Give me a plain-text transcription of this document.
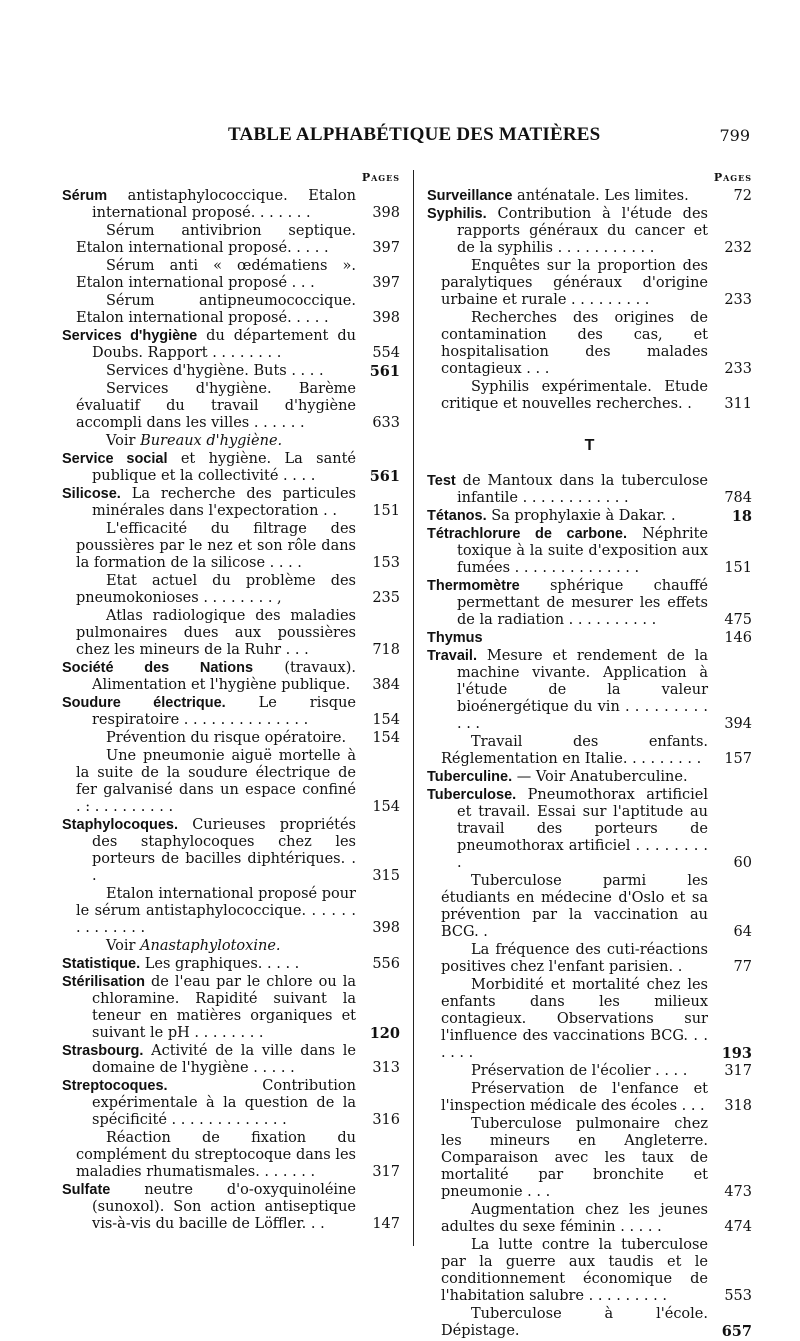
TABLE ALPHABÉTIQUE DES MATIÈRES	799
Pages
Sérum antistaphylococcique. Etalon international proposé. . . . . . .	398
Sérum antivibrion septique. Etalon international proposé. . . . .	397
Sérum anti « œdématiens ». Etalon international proposé . . .	397
Sérum antipneumococcique. Etalon international proposé. . . . .	398
Services d'hygiène du département du Doubs. Rapport . . . . . . . .	554
Services d'hygiène. Buts . . . .	561
Services d'hygiène. Barème évaluatif du travail d'hygiène accompli dans les villes . . . . . .	633
Voir Bureaux d'hygiène.
Service social et hygiène. La santé publique et la collectivité . . . .	561
Silicose. La recherche des particules minérales dans l'expectoration . .	151
L'efficacité du filtrage des poussières par le nez et son rôle dans la formation de la silicose . . . .	153
Etat actuel du problème des pneumokonioses . . . . . . . . ,	235
Atlas radiologique des maladies pulmonaires dues aux poussières chez les mineurs de la Ruhr . . .	718
Société des Nations (travaux). Alimentation et l'hygiène publique.	384
Soudure électrique. Le risque respiratoire . . . . . . . . . . . . . .	154
Prévention du risque opératoire.	154
Une pneumonie aiguë mortelle à la suite de la soudure électrique de fer galvanisé dans un espace confiné . : . . . . . . . . .	154
Staphylocoques. Curieuses propriétés des staphylocoques chez les porteurs de bacilles diphtériques. . .	315
Etalon international proposé pour le sérum antistaphylococcique. . . . . . . . . . . . . .	398
Voir Anastaphylotoxine.
Statistique. Les graphiques. . . . .	556
Stérilisation de l'eau par le chlore ou la chloramine. Rapidité suivant la teneur en matières organiques et suivant le pH . . . . . . . .	120
Strasbourg. Activité de la ville dans le domaine de l'hygiène . . . . .	313
Streptocoques. Contribution expérimentale à la question de la spécificité . . . . . . . . . . . . .	316
Réaction de fixation du complément du streptocoque dans les maladies rhumatismales. . . . . . .	317
Sulfate neutre d'o-oxyquinoléine (sunoxol). Son action antiseptique vis-à-vis du bacille de Löffler. . .	147
Pages
Surveillance anténatale. Les limites.	72
Syphilis. Contribution à l'étude des rapports généraux du cancer et de la syphilis . . . . . . . . . . .	232
Enquêtes sur la proportion des paralytiques généraux d'origine urbaine et rurale . . . . . . . . .	233
Recherches des origines de contamination des cas, et hospitalisation des malades contagieux . . .	233
Syphilis expérimentale. Etude critique et nouvelles recherches. .	311
T
Test de Mantoux dans la tuberculose infantile . . . . . . . . . . . .	784
Tétanos. Sa prophylaxie à Dakar. .	18
Tétrachlorure de carbone. Néphrite toxique à la suite d'exposition aux fumées . . . . . . . . . . . . . .	151
Thermomètre sphérique chauffé permettant de mesurer les effets de la radiation . . . . . . . . . .	475
Thymus	146
Travail. Mesure et rendement de la machine vivante. Application à l'étude de la valeur bioénergétique du vin . . . . . . . . . . . .	394
Travail des enfants. Réglementation en Italie. . . . . . . . .	157
Tuberculine. — Voir Anatuberculine.
Tuberculose. Pneumothorax artificiel et travail. Essai sur l'aptitude au travail des porteurs de pneumothorax artificiel . . . . . . . . .	60
Tuberculose parmi les étudiants en médecine d'Oslo et sa prévention par la vaccination au BCG. .	64
La fréquence des cuti-réactions positives chez l'enfant parisien. .	77
Morbidité et mortalité chez les enfants dans les milieux contagieux. Observations sur l'influence des vaccinations BCG. . . . . . .	193
Préservation de l'écolier . . . .	317
Préservation de l'enfance et l'inspection médicale des écoles . . .	318
Tuberculose pulmonaire chez les mineurs en Angleterre. Comparaison avec les taux de mortalité par bronchite et pneumonie . . .	473
Augmentation chez les jeunes adultes du sexe féminin . . . . .	474
La lutte contre la tuberculose par la guerre aux taudis et le conditionnement économique de l'habitation salubre . . . . . . . . .	553
Tuberculose à l'école. Dépistage.	657
